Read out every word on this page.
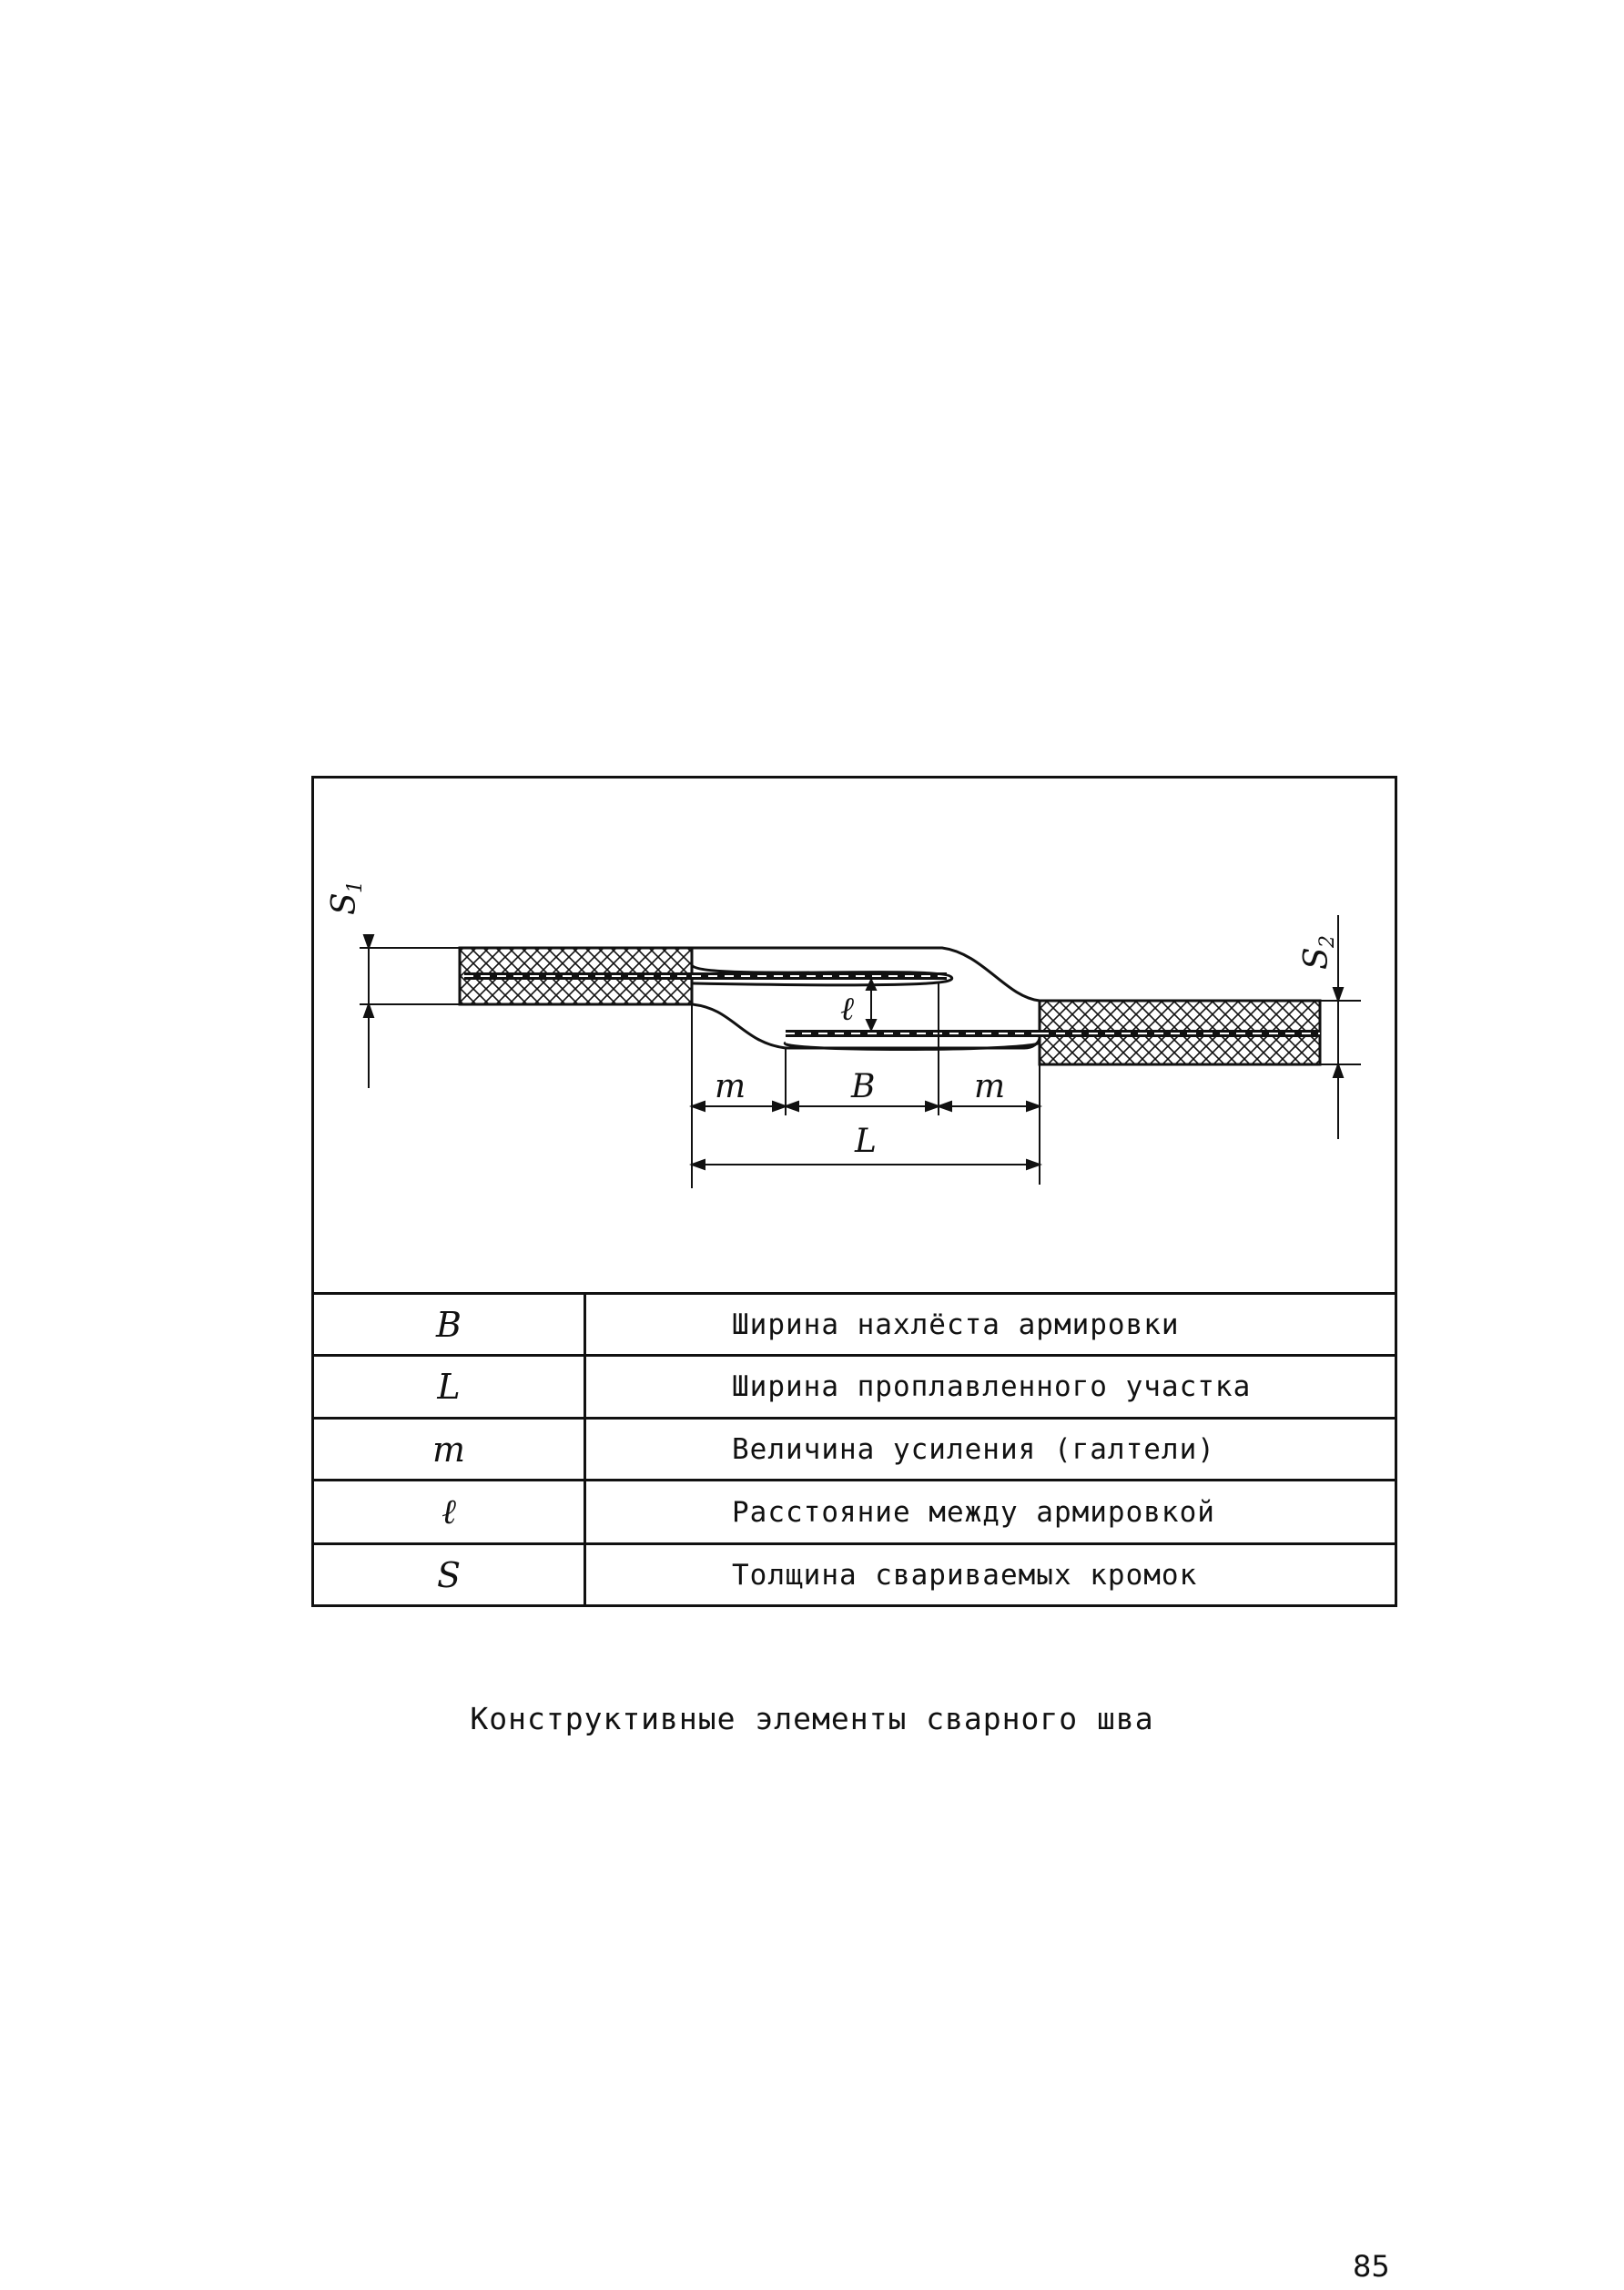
S
1
S
2
ℓ
m	B	m
L
B	Ширина нахлёста армировки
L	Ширина проплавленного участка
m	Величина усиления (галтели)
ℓ	Расстояние между армировкой
S	Толщина свариваемых кромок
Конструктивные элементы сварного шва
85
